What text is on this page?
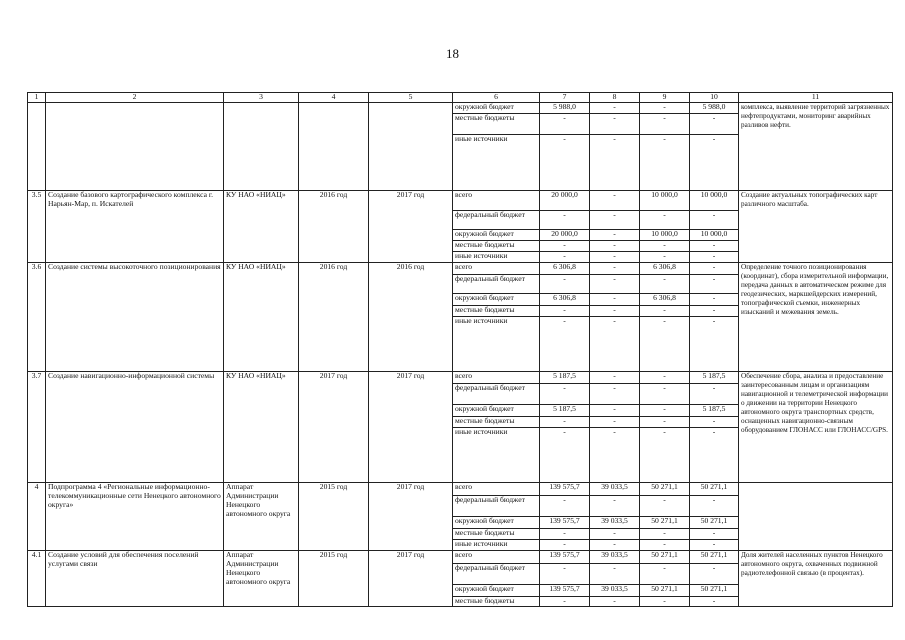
18
1	2	3	4	5	6	7	8	9	10	11
					окружной бюджет	5 988,0	-	-	5 988,0	комплекса, выявление территорий загрязненных нефтепродуктами, мониторинг аварийных разливов нефти.
					местные бюджеты	-	-	-	-	
					иные источники	-	-	-	-	
3.5	Создание базового картографического комплекса г. Нарьян-Мар, п. Искателей	КУ НАО «НИАЦ»	2016 год	2017 год	всего	20 000,0	-	10 000,0	10 000,0	Создание актуальных топографических карт различного масштаба.
					федеральный бюджет	-	-	-	-	
					окружной бюджет	20 000,0	-	10 000,0	10 000,0	
					местные бюджеты	-	-	-	-	
					иные источники	-	-	-	-	
3.6	Создание системы высокоточного позиционирования	КУ НАО «НИАЦ»	2016 год	2016 год	всего	6 306,8	-	6 306,8	-	Определение точного позиционирования (координат), сбора измерительной информации, передача данных в автоматическом режиме для геодезических, маркшейдерских измерений, топографической съемки, инженерных изысканий и межевания земель.
					федеральный бюджет	-	-	-	-	
					окружной бюджет	6 306,8	-	6 306,8	-	
					местные бюджеты	-	-	-	-	
					иные источники	-	-	-	-	
3.7	Создание навигационно-информационной системы	КУ НАО «НИАЦ»	2017 год	2017 год	всего	5 187,5	-	-	5 187,5	Обеспечение сбора, анализа и предоставление заинтересованным лицам и организациям навигационной и телеметрической информации о движении на территории Ненецкого автономного округа транспортных средств, оснащенных навигационно-связным оборудованием ГЛОНАСС или ГЛОНАСС/GPS.
					федеральный бюджет	-	-	-	-	
					окружной бюджет	5 187,5	-	-	5 187,5	
					местные бюджеты	-	-	-	-	
					иные источники	-	-	-	-	
4	Подпрограмма 4 «Региональные информационно-телекоммуникационные сети Ненецкого автономного округа»	Аппарат Администрации Ненецкого автономного округа	2015 год	2017 год	всего	139 575,7	39 033,5	50 271,1	50 271,1	
					федеральный бюджет	-	-	-	-	
					окружной бюджет	139 575,7	39 033,5	50 271,1	50 271,1	
					местные бюджеты	-	-	-	-	
					иные источники	-	-	-	-	
4.1	Создание условий для обеспечения поселений услугами связи	Аппарат Администрации Ненецкого автономного округа	2015 год	2017 год	всего	139 575,7	39 033,5	50 271,1	50 271,1	Доля жителей населенных пунктов Ненецкого автономного округа, охваченных подвижной радиотелефонной связью (в процентах).
					федеральный бюджет	-	-	-	-	
					окружной бюджет	139 575,7	39 033,5	50 271,1	50 271,1	
					местные бюджеты	-	-	-	-	
